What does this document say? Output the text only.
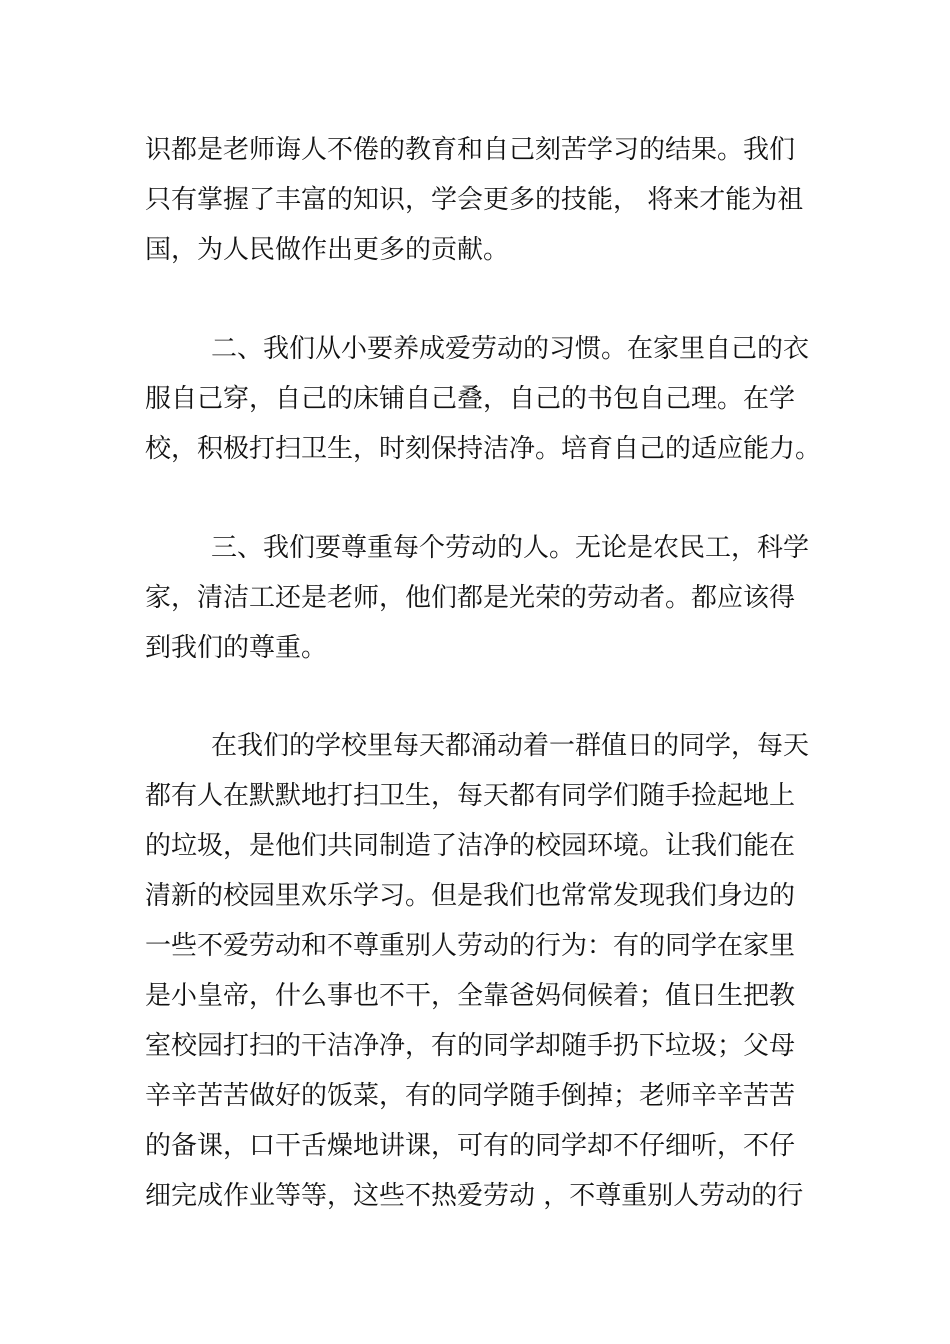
识都是老师诲人不倦的教育和自己刻苦学习的结果。我们
只有掌握了丰富的知识，学会更多的技能， 将来才能为祖
国，为人民做作出更多的贡献。
二、我们从小要养成爱劳动的习惯。在家里自己的衣
服自己穿，自己的床铺自己叠，自己的书包自己理。在学
校，积极打扫卫生，时刻保持洁净。培育自己的适应能力。
三、我们要尊重每个劳动的人。无论是农民工，科学
家，清洁工还是老师，他们都是光荣的劳动者。都应该得
到我们的尊重。
在我们的学校里每天都涌动着一群值日的同学，每天
都有人在默默地打扫卫生，每天都有同学们随手捡起地上
的垃圾，是他们共同制造了洁净的校园环境。让我们能在
清新的校园里欢乐学习。但是我们也常常发现我们身边的
一些不爱劳动和不尊重别人劳动的行为：有的同学在家里
是小皇帝，什么事也不干，全靠爸妈伺候着；值日生把教
室校园打扫的干洁净净，有的同学却随手扔下垃圾；父母
辛辛苦苦做好的饭菜，有的同学随手倒掉；老师辛辛苦苦
的备课，口干舌燥地讲课，可有的同学却不仔细听，不仔
细完成作业等等，这些不热爱劳动 ，不尊重别人劳动的行
